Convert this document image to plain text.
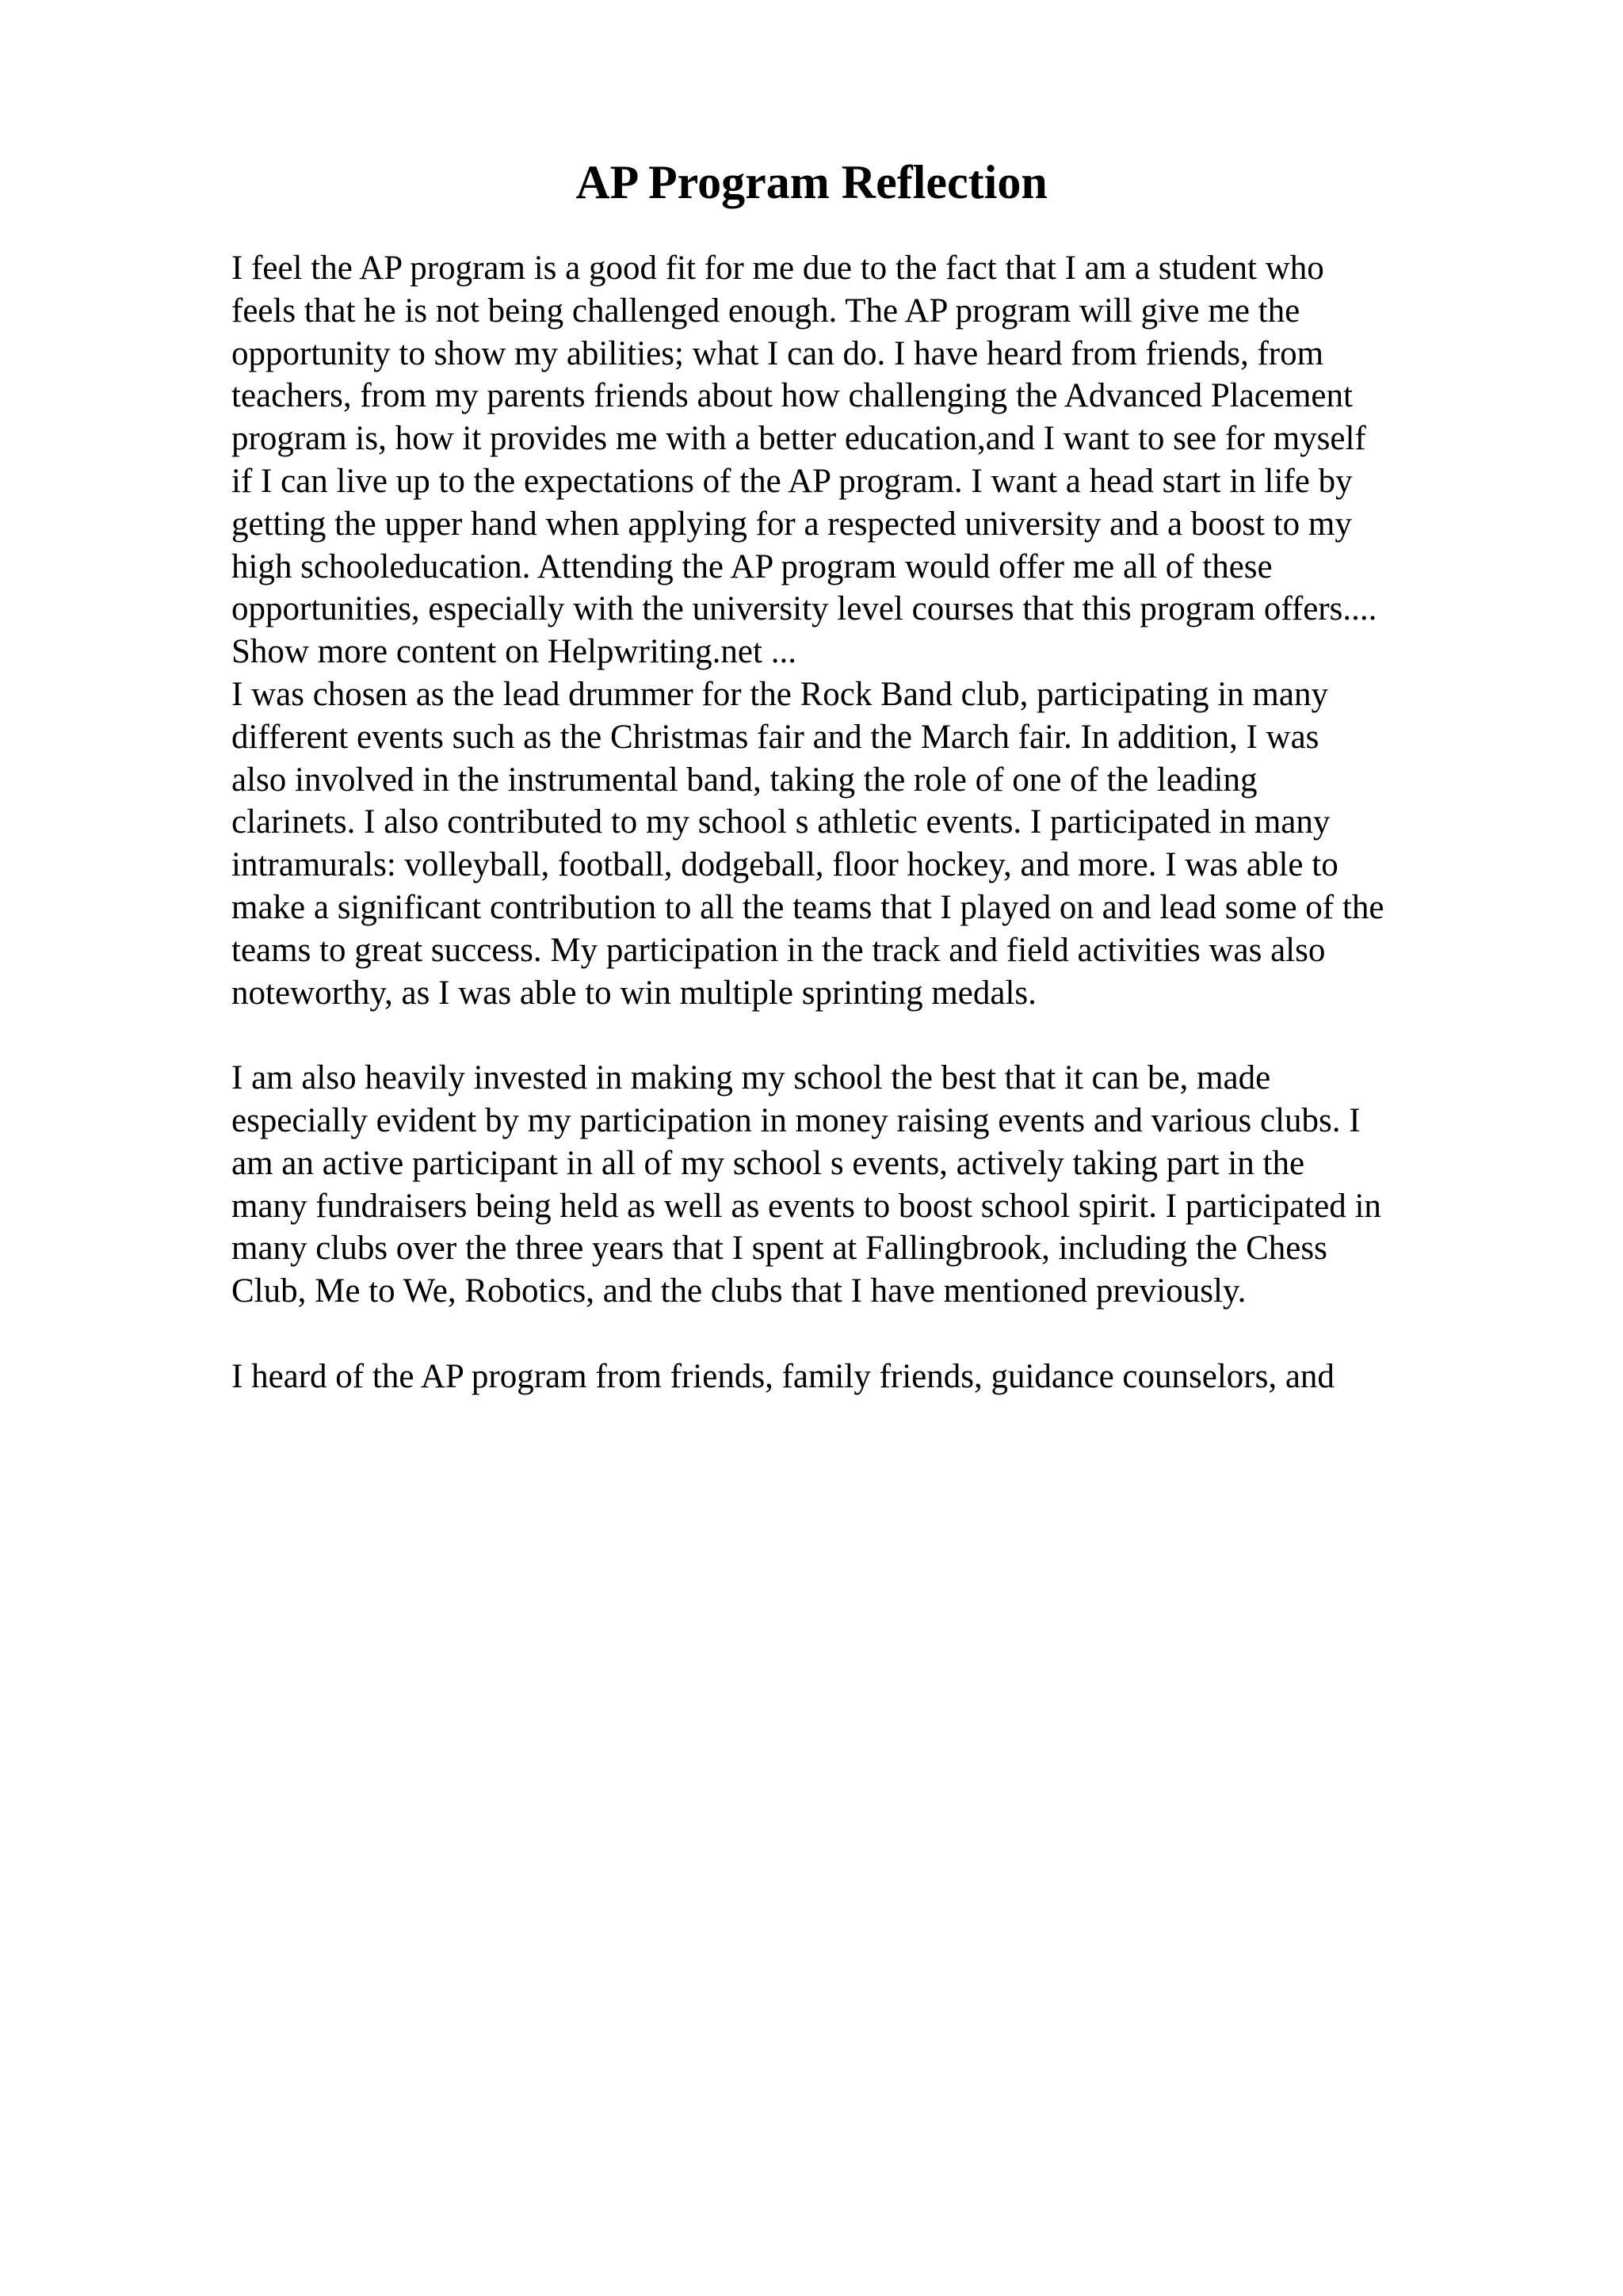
AP Program Reflection
I feel the AP program is a good fit for me due to the fact that I am a student who
feels that he is not being challenged enough. The AP program will give me the
opportunity to show my abilities; what I can do. I have heard from friends, from
teachers, from my parents friends about how challenging the Advanced Placement
program is, how it provides me with a better education,and I want to see for myself
if I can live up to the expectations of the AP program. I want a head start in life by
getting the upper hand when applying for a respected university and a boost to my
high schooleducation. Attending the AP program would offer me all of these
opportunities, especially with the university level courses that this program offers....
Show more content on Helpwriting.net ...
I was chosen as the lead drummer for the Rock Band club, participating in many
different events such as the Christmas fair and the March fair. In addition, I was
also involved in the instrumental band, taking the role of one of the leading
clarinets. I also contributed to my school s athletic events. I participated in many
intramurals: volleyball, football, dodgeball, floor hockey, and more. I was able to
make a significant contribution to all the teams that I played on and lead some of the
teams to great success. My participation in the track and field activities was also
noteworthy, as I was able to win multiple sprinting medals.
I am also heavily invested in making my school the best that it can be, made
especially evident by my participation in money raising events and various clubs. I
am an active participant in all of my school s events, actively taking part in the
many fundraisers being held as well as events to boost school spirit. I participated in
many clubs over the three years that I spent at Fallingbrook, including the Chess
Club, Me to We, Robotics, and the clubs that I have mentioned previously.
I heard of the AP program from friends, family friends, guidance counselors, and
